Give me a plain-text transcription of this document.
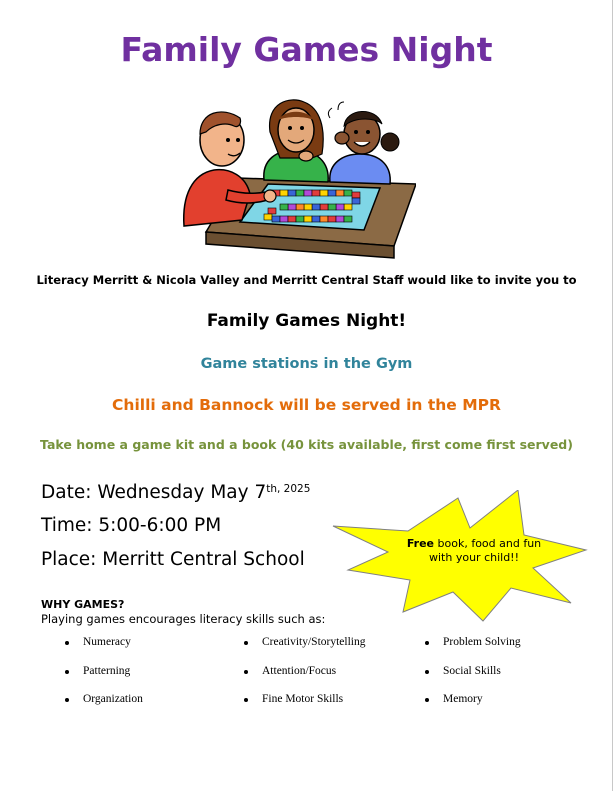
Family Games Night
Literacy Merritt & Nicola Valley and Merritt Central Staff would like to invite you to
Family Games Night!
Game stations in the Gym
Chilli and Bannock will be served in the MPR
Take home a game kit and a book (40 kits available, first come first served)
Date: Wednesday May $7^{th, 2025}$
Time: 5:00-6:00 PM
Place: Merritt Central School
Free book, food and fun with your child!!
WHY GAMES?
Playing games encourages literacy skills such as:
Numeracy
Patterning
Organization
Creativity/Storytelling
Attention/Focus
Fine Motor Skills
Problem Solving
Social Skills
Memory
